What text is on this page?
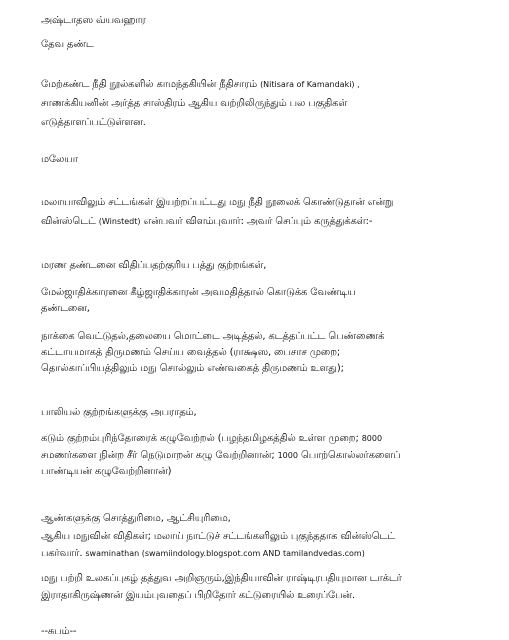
அஷ்டாதஸ வ்யவஹார
தேவ தண்ட
மேற்கண்ட நீதி நூல்களில் காமந்தகியின் நீதிசாரம் (Nitisara of Kamandaki) ,
சாணக்கியனின் அர்த்த சாஸ்திரம் ஆகிய வற்றிலிருந்தும் பல பகுதிகள்
எடுத்தாளப்பட்டுள்ளன.
மலேயா
மலாயாவிலும் சட்டங்கள் இயற்றப்பட்டது மநு நீதி நூலைக் கொண்டுதான் என்று
வின்ஸ்டெட் (Winstedt) என்பவர் விளம்புவார்: அவர் செப்பும் கருத்துக்கள்:-
மரண தண்டனை விதிப்பதற்குரிய பத்து குற்றங்கள்,
மேல்ஜாதிக்காரனை கீழ்ஜாதிக்காரன் அவமதித்தால் கொடுக்க வேண்டிய
தண்டனை,
நாக்கை வெட்டுதல்,தலையை மொட்டை அடித்தல், கடத்தப்பட்ட பெண்ணைக்
கட்டாயமாகத் திருமணம் செய்ய வைத்தல் (ராக்ஷஸ, பைசாச முறை;
தொல்காப்பியத்திலும் மநு சொல்லும் எண்வகைத் திருமணம் உளது);
பாலியல் குற்றங்களுக்கு அபராதம்,
கடும் குற்றம்புரிந்தோரைக் கழுவேற்றல் (பழந்தமிழகத்தில் உள்ள முறை; 8000
சமணர்களை நின்ற சீர் நெடுமாறன் கழு வேற்றினான்; 1000 பொற்கொல்லர்களைப்
பாண்டியன் கழுவேற்றினான்)
ஆண்களுக்கு சொத்துரிமை, ஆட்சியுரிமை,
ஆகிய மநுவின் விதிகள்; மலாய் நாட்டுச் சட்டங்களிலும் புகுந்ததாக வின்ஸ்டெட்
பகர்வார். swaminathan (swamiindology.blogspot.com AND tamilandvedas.com)
மநு பற்றி உலகப்புகழ் தத்துவ அறிஞரும்,இந்தியாவின் ராஷ்டிரபதியுமான டாக்டர்
இராதாகிருஷ்ணன் இயம்புவதைப் பிறிதோர் கட்டுரையில் உரைப்பேன்.
--சுபம்--
